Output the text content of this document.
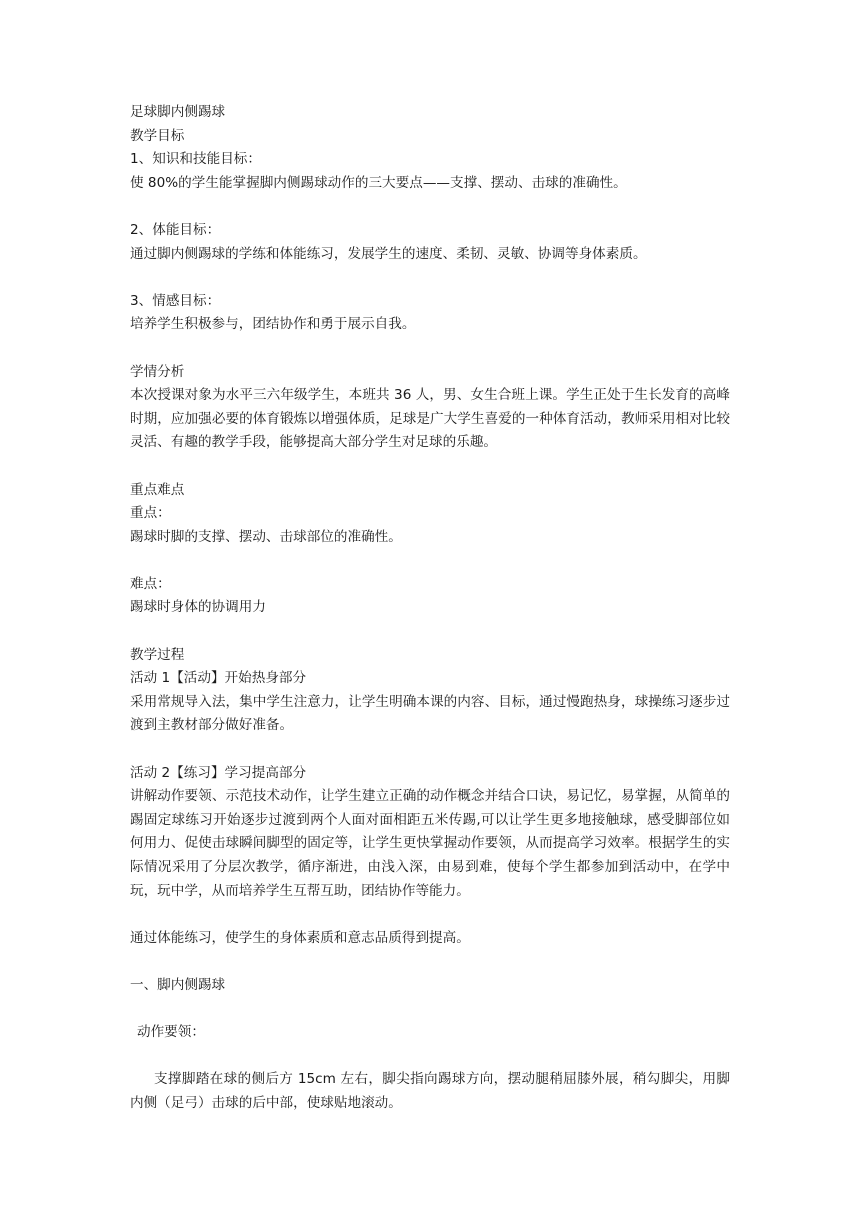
足球脚内侧踢球
教学目标
1、知识和技能目标：
使 80%的学生能掌握脚内侧踢球动作的三大要点——支撑、摆动、击球的准确性。
2、体能目标：
通过脚内侧踢球的学练和体能练习，发展学生的速度、柔韧、灵敏、协调等身体素质。
3、情感目标：
培养学生积极参与，团结协作和勇于展示自我。
学情分析
本次授课对象为水平三六年级学生，本班共 36 人，男、女生合班上课。学生正处于生长发育的高峰时期，应加强必要的体育锻炼以增强体质，足球是广大学生喜爱的一种体育活动，教师采用相对比较灵活、有趣的教学手段，能够提高大部分学生对足球的乐趣。
重点难点
重点：
踢球时脚的支撑、摆动、击球部位的准确性。
难点：
踢球时身体的协调用力
教学过程
活动 1【活动】开始热身部分
采用常规导入法，集中学生注意力，让学生明确本课的内容、目标，通过慢跑热身，球操练习逐步过渡到主教材部分做好准备。
活动 2【练习】学习提高部分
讲解动作要领、示范技术动作，让学生建立正确的动作概念并结合口诀，易记忆，易掌握，从简单的踢固定球练习开始逐步过渡到两个人面对面相距五米传踢,可以让学生更多地接触球，感受脚部位如何用力、促使击球瞬间脚型的固定等，让学生更快掌握动作要领，从而提高学习效率。根据学生的实际情况采用了分层次教学，循序渐进，由浅入深，由易到难，使每个学生都参加到活动中，在学中玩，玩中学，从而培养学生互帮互助，团结协作等能力。
通过体能练习，使学生的身体素质和意志品质得到提高。
一、脚内侧踢球
动作要领：
支撑脚踏在球的侧后方 15cm 左右，脚尖指向踢球方向，摆动腿稍屈膝外展，稍勾脚尖，用脚内侧（足弓）击球的后中部，使球贴地滚动。
